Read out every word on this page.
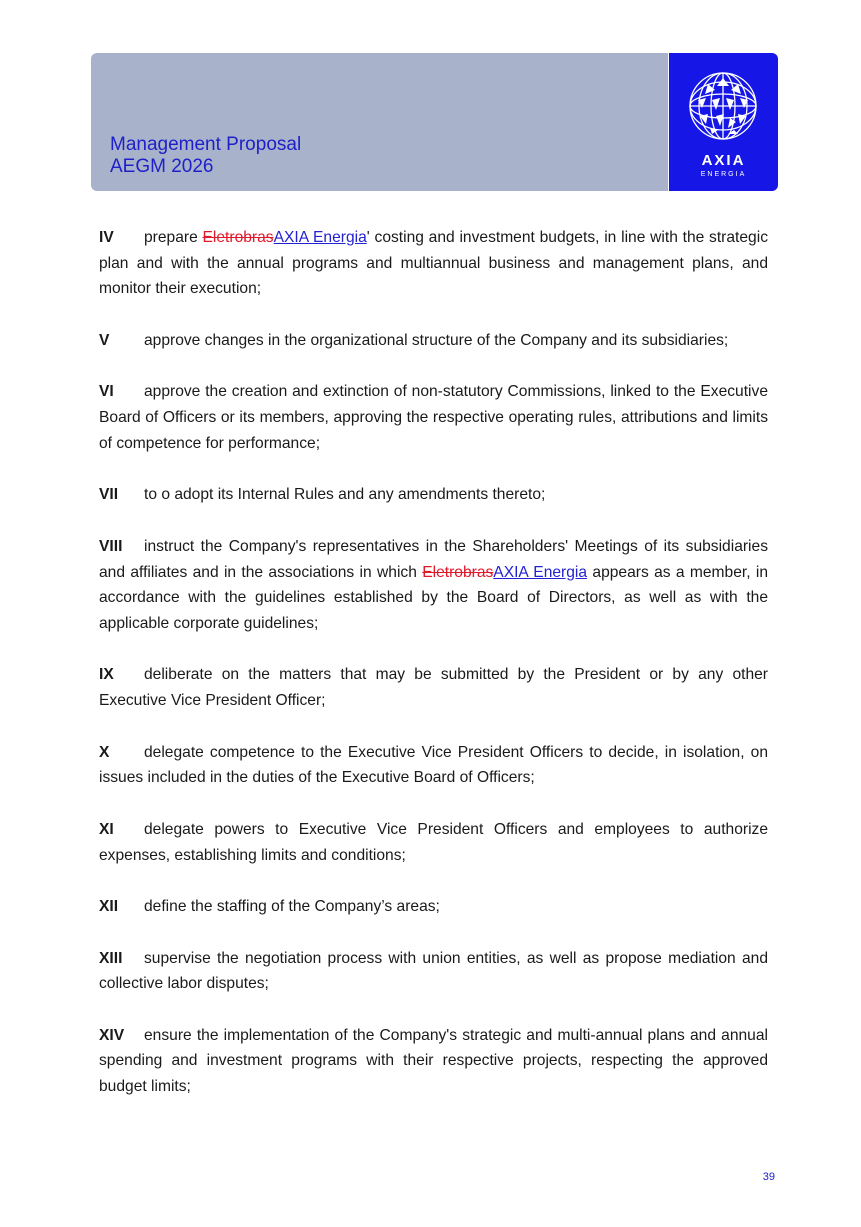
Management Proposal
AEGM 2026	AXIA
ENERGIA

IV prepare EletrobrasAXIA Energia' costing and investment budgets, in line with the strategic plan and with the annual programs and multiannual business and management plans, and monitor their execution;

V approve changes in the organizational structure of the Company and its subsidiaries;

VI approve the creation and extinction of non-statutory Commissions, linked to the Executive Board of Officers or its members, approving the respective operating rules, attributions and limits of competence for performance;

VII to o adopt its Internal Rules and any amendments thereto;

VIII instruct the Company's representatives in the Shareholders' Meetings of its subsidiaries and affiliates and in the associations in which EletrobrasAXIA Energia appears as a member, in accordance with the guidelines established by the Board of Directors, as well as with the applicable corporate guidelines;

IX deliberate on the matters that may be submitted by the President or by any other Executive Vice President Officer;

X delegate competence to the Executive Vice President Officers to decide, in isolation, on issues included in the duties of the Executive Board of Officers;

XI delegate powers to Executive Vice President Officers and employees to authorize expenses, establishing limits and conditions;

XII define the staffing of the Company’s areas;

XIII supervise the negotiation process with union entities, as well as propose mediation and collective labor disputes;

XIV ensure the implementation of the Company's strategic and multi-annual plans and annual spending and investment programs with their respective projects, respecting the approved budget limits;

39
